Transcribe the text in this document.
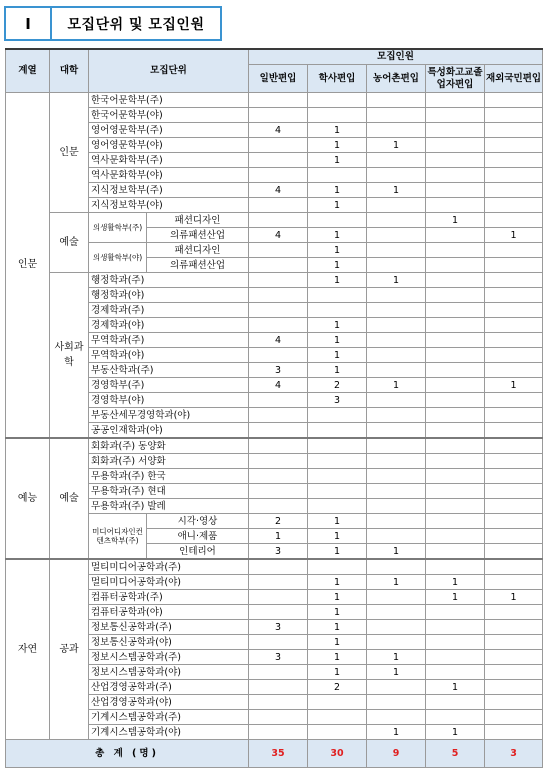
I	모집단위 및 모집인원
계열	대학	모집단위		모집인원				
				일반편입	학사편입	농어촌편입	특성화고교졸업자편입	재외국민편입
인문	인문	한국어문학부(주)						
		한국어문학부(야)						
		영어영문학부(주)		4	1			
		영어영문학부(야)			1	1		
		역사문화학부(주)			1			
		역사문화학부(야)						
		지식정보학부(주)		4	1	1		
		지식정보학부(야)			1			
	예술	의생활학부(주)	패션디자인				1	
			의류패션산업	4	1			1
		의생활학부(야)	패션디자인		1			
			의류패션산업		1			
	사회과학	행정학과(주)			1	1		
		행정학과(야)						
		경제학과(주)						
		경제학과(야)			1			
		무역학과(주)		4	1			
		무역학과(야)			1			
		부동산학과(주)		3	1			
		경영학부(주)		4	2	1		1
		경영학부(야)			3			
		부동산세무경영학과(야)						
		공공인재학과(야)						
예능	예술	회화과(주) 동양화						
		회화과(주) 서양화						
		무용학과(주) 한국						
		무용학과(주) 현대						
		무용학과(주) 발레						
		미디어디자인컨텐츠학부(주)	시각·영상	2	1			
			애니·제품	1	1			
			인테리어	3	1	1		
자연	공과	멀티미디어공학과(주)						
		멀티미디어공학과(야)			1	1	1	
		컴퓨터공학과(주)			1		1	1
		컴퓨터공학과(야)			1			
		정보통신공학과(주)		3	1			
		정보통신공학과(야)			1			
		정보시스템공학과(주)		3	1	1		
		정보시스템공학과(야)			1	1		
		산업경영공학과(주)			2		1	
		산업경영공학과(야)						
		기계시스템공학과(주)						
		기계시스템공학과(야)				1	1	
총 계 (명)				35	30	9	5	3
